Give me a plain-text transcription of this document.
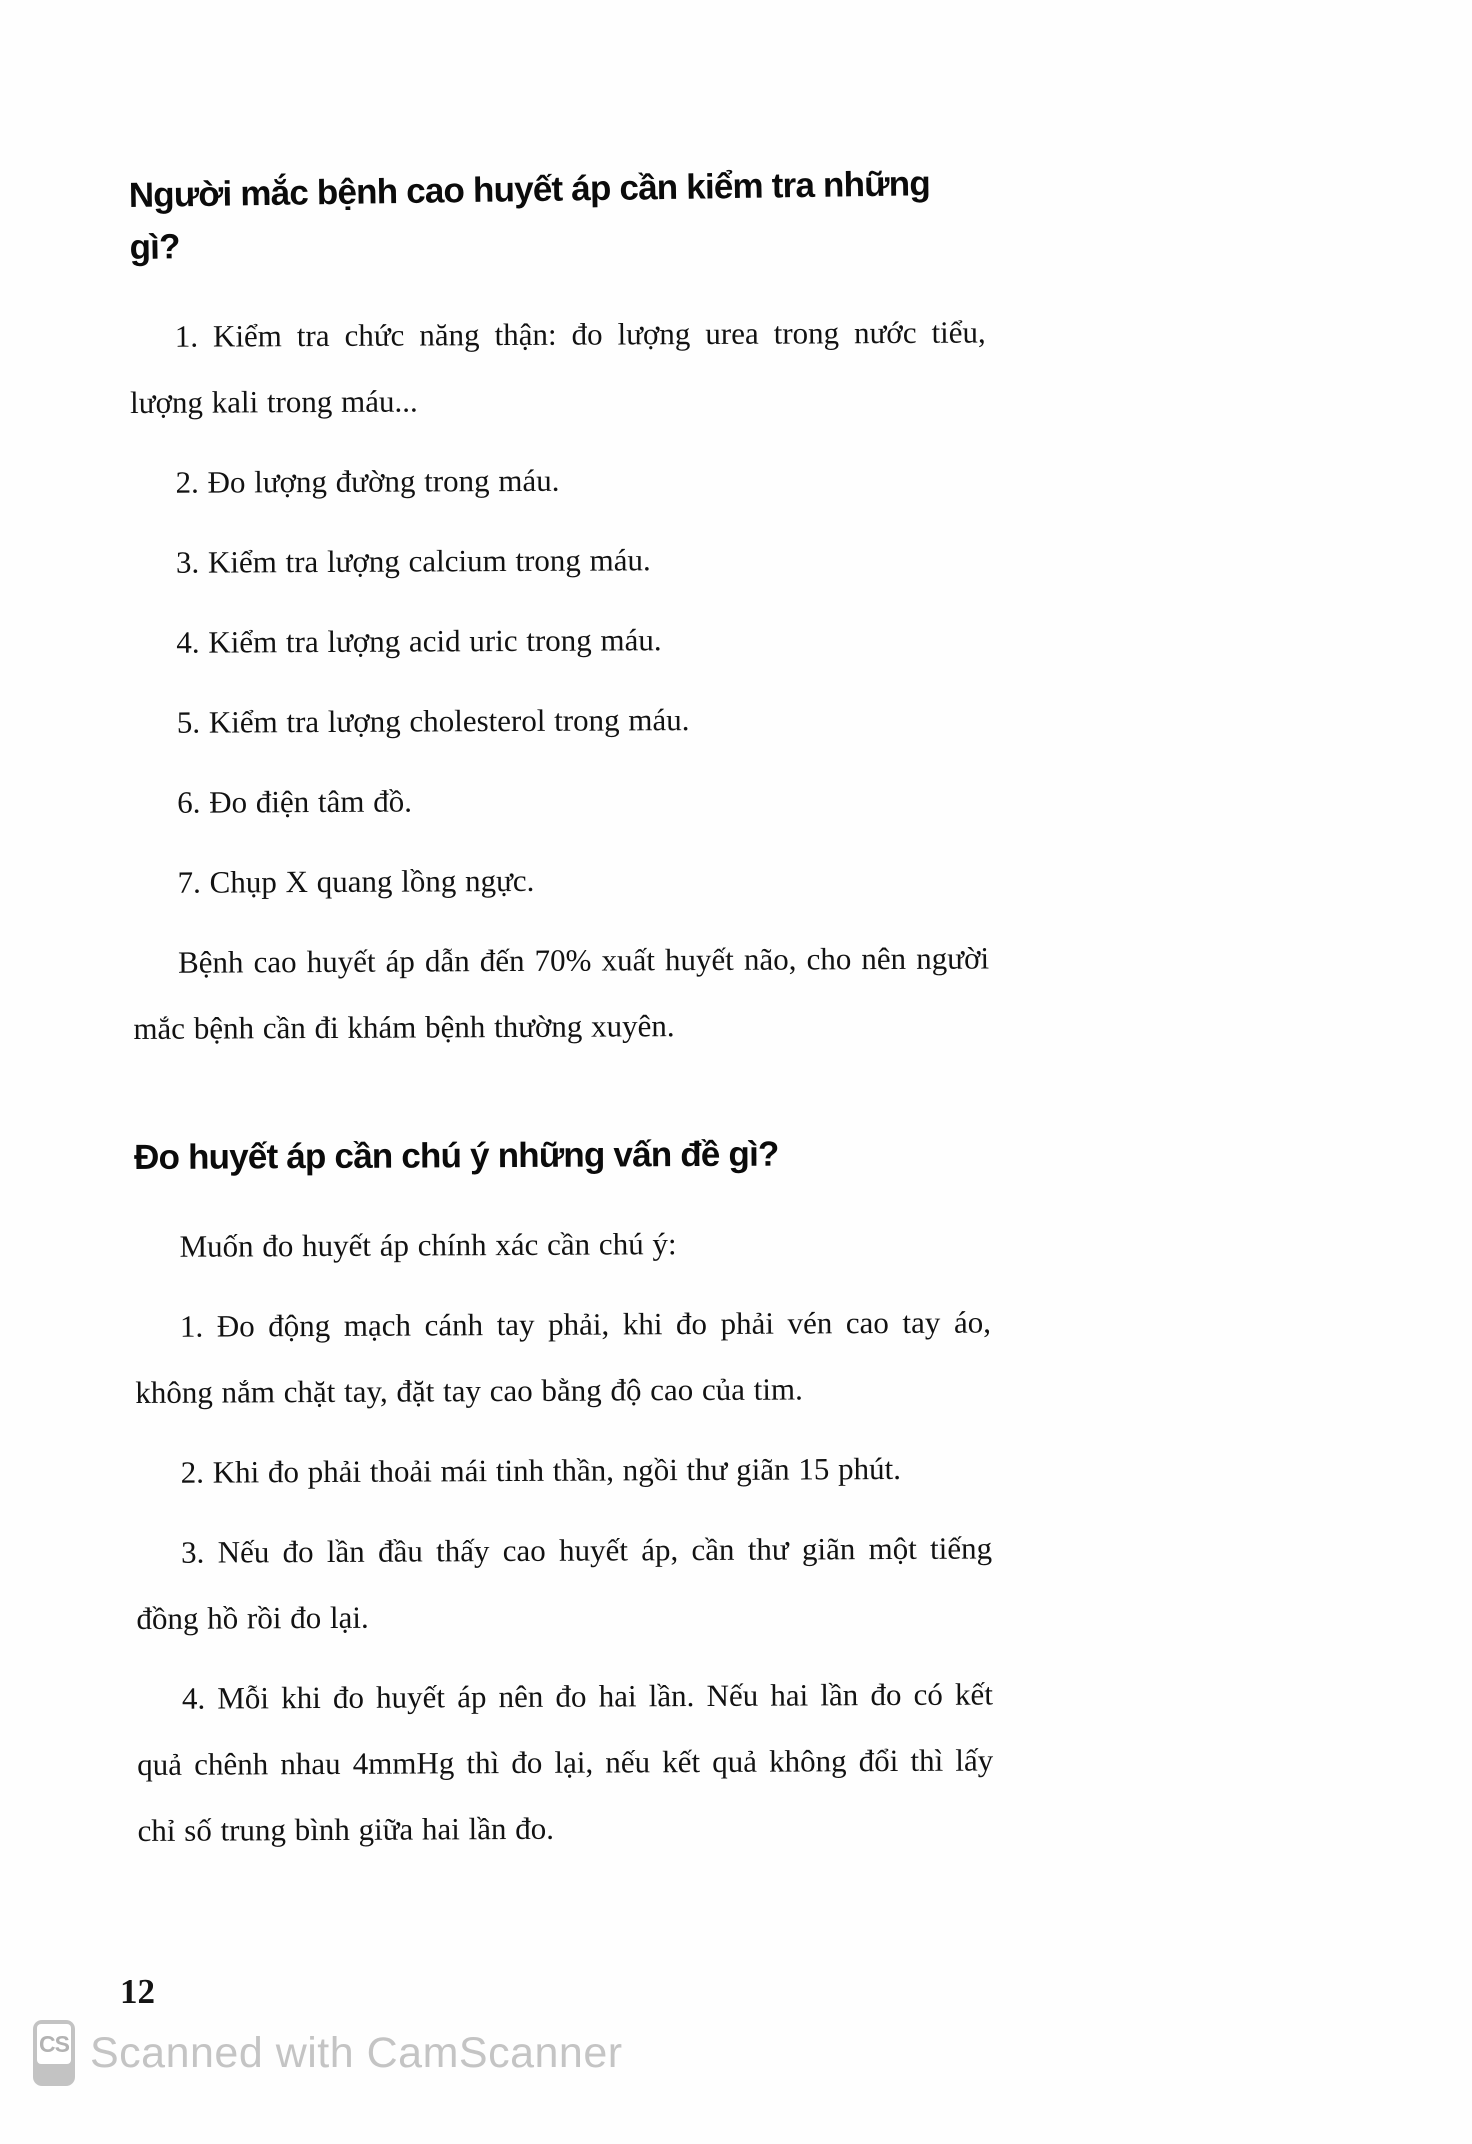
Người mắc bệnh cao huyết áp cần kiểm tra những gì?

1. Kiểm tra chức năng thận: đo lượng urea trong nước tiểu, lượng kali trong máu...

2. Đo lượng đường trong máu.

3. Kiểm tra lượng calcium trong máu.

4. Kiểm tra lượng acid uric trong máu.

5. Kiểm tra lượng cholesterol trong máu.

6. Đo điện tâm đồ.

7. Chụp X quang lồng ngực.

Bệnh cao huyết áp dẫn đến 70% xuất huyết não, cho nên người mắc bệnh cần đi khám bệnh thường xuyên.

Đo huyết áp cần chú ý những vấn đề gì?

Muốn đo huyết áp chính xác cần chú ý:

1. Đo động mạch cánh tay phải, khi đo phải vén cao tay áo, không nắm chặt tay, đặt tay cao bằng độ cao của tim.

2. Khi đo phải thoải mái tinh thần, ngồi thư giãn 15 phút.

3. Nếu đo lần đầu thấy cao huyết áp, cần thư giãn một tiếng đồng hồ rồi đo lại.

4. Mỗi khi đo huyết áp nên đo hai lần. Nếu hai lần đo có kết quả chênh nhau 4mmHg thì đo lại, nếu kết quả không đổi thì lấy chỉ số trung bình giữa hai lần đo.

12
CS Scanned with CamScanner
